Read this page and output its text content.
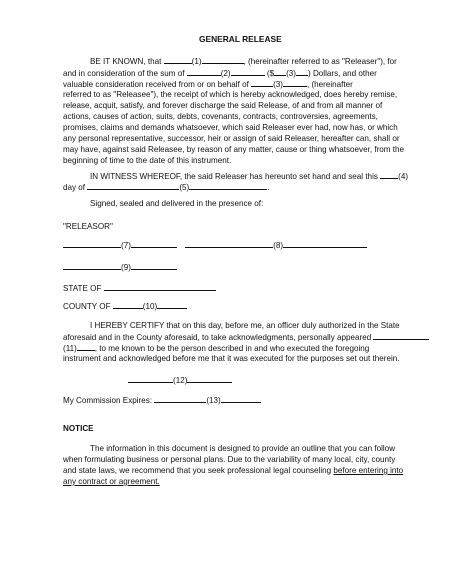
GENERAL RELEASE
BE IT KNOWN, that	(1)	, (hereinafter referred to as "Releaser"), for
and in consideration of the sum of	(2)	($ (3) ) Dollars, and other
valuable consideration received from or on behalf of	(3)	, (hereinafter
referred to as "Releasee"), the receipt of which is hereby acknowledged, does hereby remise,
release, acquit, satisfy, and forever discharge the said Release, of and from all manner of
actions, causes of action, suits, debts, covenants, contracts, controversies, agreements,
promises, claims and demands whatsoever, which said Releaser ever had, now has, or which
any personal representative, successor, heir or assign of said Releaser, hereafter can, shall or
may have, against said Releasee, by reason of any matter, cause or thing whatsoever, from the
beginning of time to the date of this instrument.
IN WITNESS WHEREOF, the said Releaser has hereunto set hand and seal this	(4)
day of	(5)	.
Signed, sealed and delivered in the presence of:
"RELEASOR"
(7)	(8)
(9)
STATE OF
COUNTY OF	(10)
I HEREBY CERTIFY that on this day, before me, an officer duly authorized in the State
aforesaid and in the County aforesaid, to take acknowledgments, personally appeared
(11) , to me known to be the person described in and who executed the foregoing
instrument and acknowledged before me that it was executed for the purposes set out therein.
(12)
My Commission Expires:	(13)
NOTICE
The information in this document is designed to provide an outline that you can follow
when formulating business or personal plans. Due to the variability of many local, city, county
and state laws, we recommend that you seek professional legal counseling before entering into
any contract or agreement.
